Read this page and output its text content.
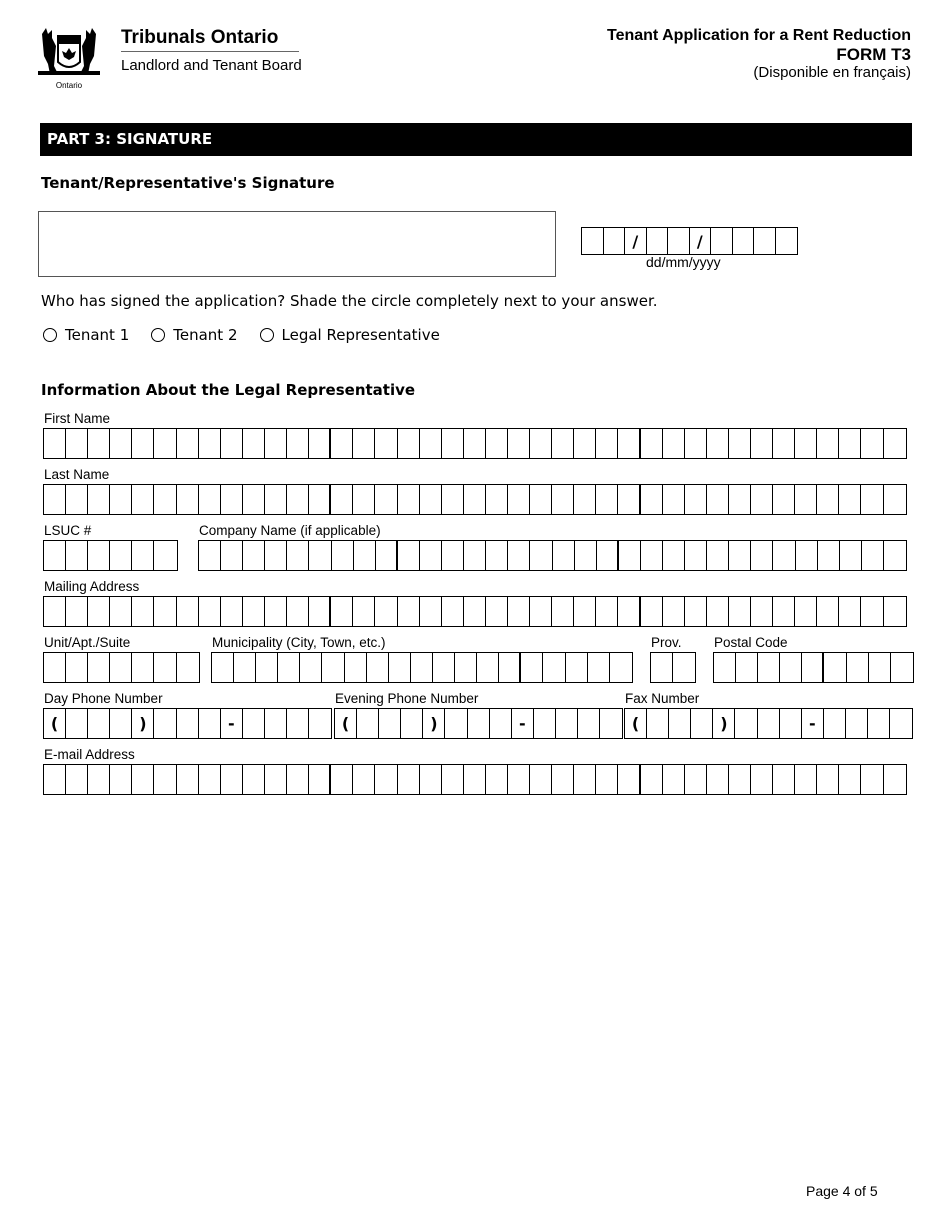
Ontario
Tribunals Ontario
Landlord and Tenant Board
Tenant Application for a Rent Reduction
FORM T3
(Disponible en français)
PART 3: SIGNATURE
Tenant/Representative's Signature
/	/
dd/mm/yyyy
Who has signed the application? Shade the circle completely next to your answer.
Tenant 1	Tenant 2	Legal Representative
Information About the Legal Representative
First Name
Last Name
LSUC #	Company Name (if applicable)
Mailing Address
Unit/Apt./Suite	Municipality (City, Town, etc.)	Prov. Postal Code
Day Phone Number
(	)	-
Evening Phone Number
(	)	-
Fax Number
(	)	-
E-mail Address
Page 4 of 5
